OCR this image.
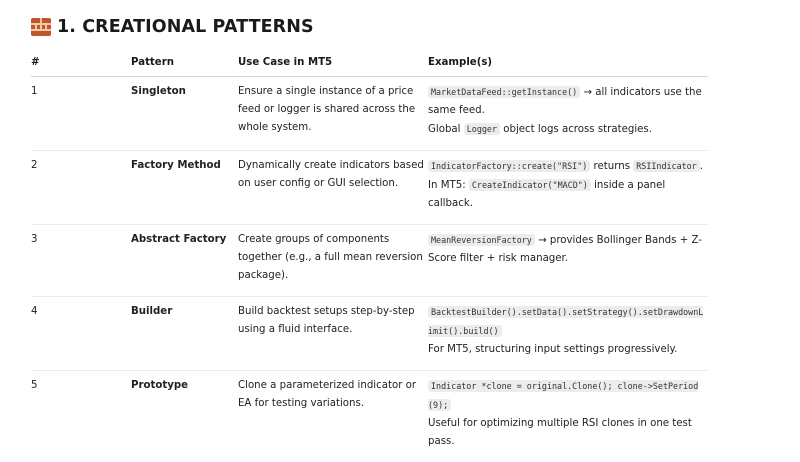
1. CREATIONAL PATTERNS
#	Pattern	Use Case in MT5	Example(s)
1	Singleton	Ensure a single instance of a price feed or logger is shared across the whole system.	MarketDataFeed::getInstance() → all indicators use the same feed.
Global Logger object logs across strategies.

2	Factory Method	Dynamically create indicators based on user config or GUI selection.	IndicatorFactory::create("RSI") returns RSIIndicator .
In MT5: CreateIndicator("MACD") inside a panel callback.

3	Abstract Factory	Create groups of components together (e.g., a full mean reversion package).	MeanReversionFactory → provides Bollinger Bands + Z-Score filter + risk manager.

4	Builder	Build backtest setups step-by-step using a fluid interface.	BacktestBuilder().setData().setStrategy().setDrawdownLimit().build()
For MT5, structuring input settings progressively.

5	Prototype	Clone a parameterized indicator or EA for testing variations.	Indicator *clone = original.Clone(); clone->SetPeriod(9);
Useful for optimizing multiple RSI clones in one test pass.
